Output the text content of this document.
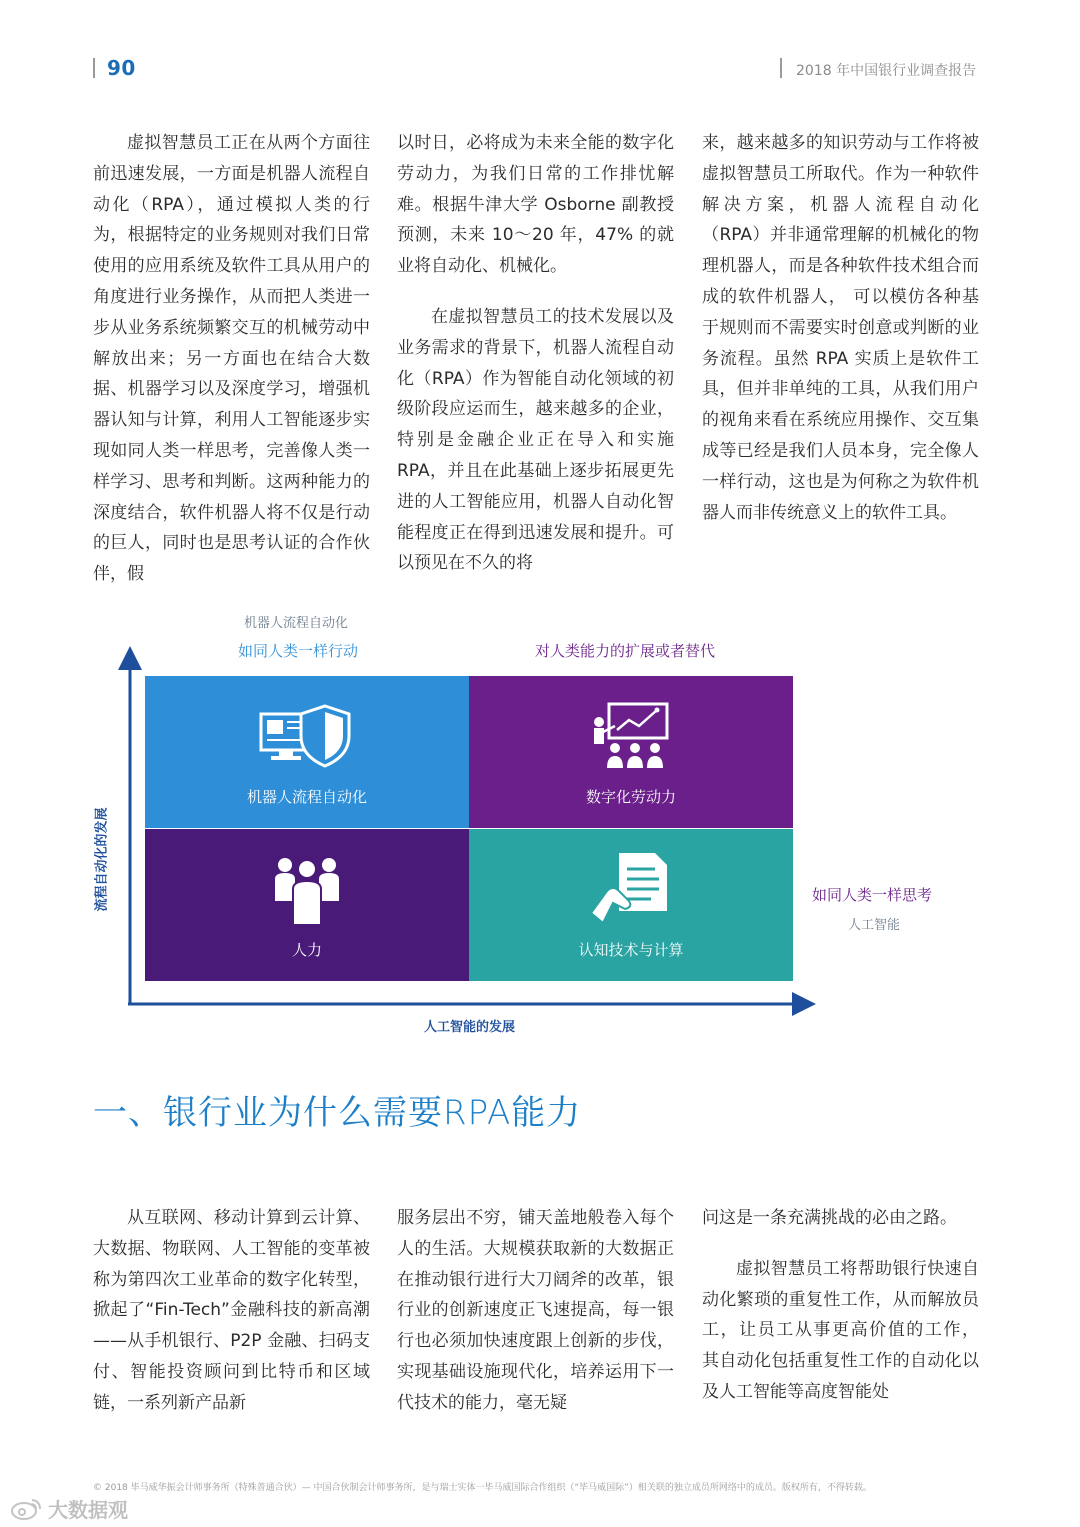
90	2018 年中国银行业调查报告

虚拟智慧员工正在从两个方面往前迅速发展，一方面是机器人流程自动化（RPA），通过模拟人类的行为，根据特定的业务规则对我们日常使用的应用系统及软件工具从用户的角度进行业务操作，从而把人类进一步从业务系统频繁交互的机械劳动中解放出来；另一方面也在结合大数据、机器学习以及深度学习，增强机器认知与计算，利用人工智能逐步实现如同人类一样思考，完善像人类一样学习、思考和判断。这两种能力的深度结合，软件机器人将不仅是行动的巨人，同时也是思考认证的合作伙伴，假

以时日，必将成为未来全能的数字化劳动力，为我们日常的工作排忧解难。根据牛津大学 Osborne 副教授预测，未来 10～20 年，47% 的就业将自动化、机械化。

在虚拟智慧员工的技术发展以及业务需求的背景下，机器人流程自动化（RPA）作为智能自动化领域的初级阶段应运而生，越来越多的企业，特别是金融企业正在导入和实施 RPA，并且在此基础上逐步拓展更先进的人工智能应用，机器人自动化智能程度正在得到迅速发展和提升。可以预见在不久的将

来，越来越多的知识劳动与工作将被虚拟智慧员工所取代。作为一种软件解决方案，机器人流程自动化（RPA）并非通常理解的机械化的物理机器人，而是各种软件技术组合而成的软件机器人， 可以模仿各种基于规则而不需要实时创意或判断的业务流程。虽然 RPA 实质上是软件工具，但并非单纯的工具，从我们用户的视角来看在系统应用操作、交互集成等已经是我们人员本身，完全像人一样行动，这也是为何称之为软件机器人而非传统意义上的软件工具。

机器人流程自动化
如同人类一样行动	对人类能力的扩展或者替代
如同人类一样思考
人工智能
流程自动化的发展
人工智能的发展
机器人流程自动化	数字化劳动力
人力	认知技术与计算
一、银行业为什么需要RPA能力

从互联网、移动计算到云计算、大数据、物联网、人工智能的变革被称为第四次工业革命的数字化转型， 掀起了“Fin-Tech”金融科技的新高潮——从手机银行、P2P 金融、扫码支付、智能投资顾问到比特币和区域链，一系列新产品新

服务层出不穷，铺天盖地般卷入每个人的生活。大规模获取新的大数据正在推动银行进行大刀阔斧的改革，银行业的创新速度正飞速提高，每一银行也必须加快速度跟上创新的步伐，实现基础设施现代化，培养运用下一代技术的能力，毫无疑

问这是一条充满挑战的必由之路。

虚拟智慧员工将帮助银行快速自动化繁琐的重复性工作，从而解放员工，让员工从事更高价值的工作， 其自动化包括重复性工作的自动化以及人工智能等高度智能处

© 2018 毕马威华振会计师事务所（特殊普通合伙）— 中国合伙制会计师事务所，是与瑞士实体一毕马威国际合作组织（“毕马威国际”）相关联的独立成员所网络中的成员。版权所有，不得转载。
大数据观
